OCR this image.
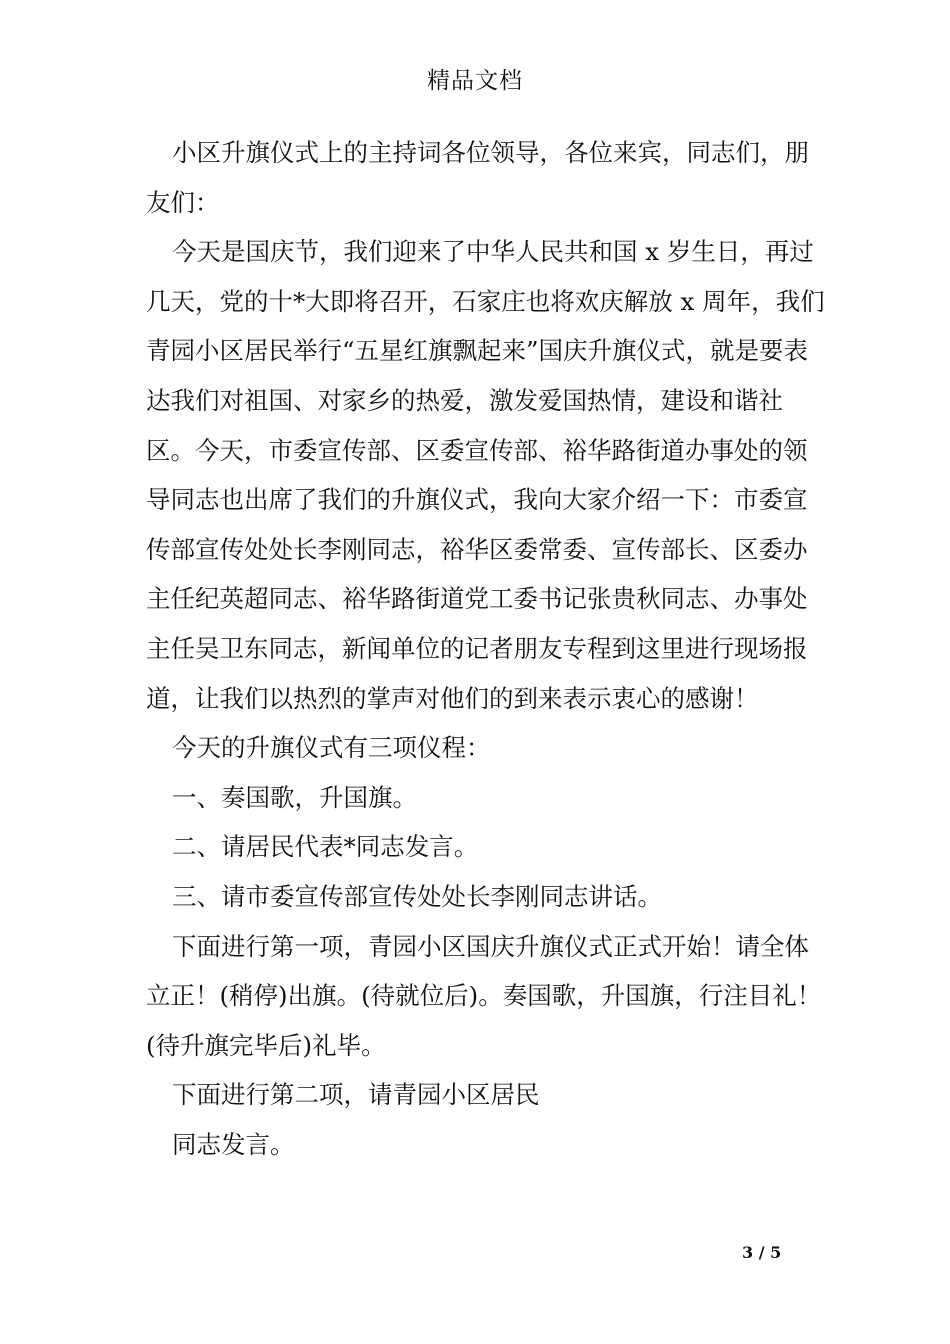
精品文档

小区升旗仪式上的主持词各位领导，各位来宾，同志们，朋友们：

今天是国庆节，我们迎来了中华人民共和国 x 岁生日，再过几天，党的十*大即将召开，石家庄也将欢庆解放 x 周年，我们青园小区居民举行“五星红旗飘起来”国庆升旗仪式，就是要表达我们对祖国、对家乡的热爱，激发爱国热情，建设和谐社区。今天，市委宣传部、区委宣传部、裕华路街道办事处的领导同志也出席了我们的升旗仪式，我向大家介绍一下：市委宣传部宣传处处长李刚同志，裕华区委常委、宣传部长、区委办主任纪英超同志、裕华路街道党工委书记张贵秋同志、办事处主任吴卫东同志，新闻单位的记者朋友专程到这里进行现场报道，让我们以热烈的掌声对他们的到来表示衷心的感谢！

今天的升旗仪式有三项仪程：

一、奏国歌，升国旗。

二、请居民代表*同志发言。

三、请市委宣传部宣传处处长李刚同志讲话。

下面进行第一项，青园小区国庆升旗仪式正式开始！请全体立正！(稍停)出旗。(待就位后)。奏国歌，升国旗，行注目礼！(待升旗完毕后)礼毕。

下面进行第二项，请青园小区居民

同志发言。

3 / 5
